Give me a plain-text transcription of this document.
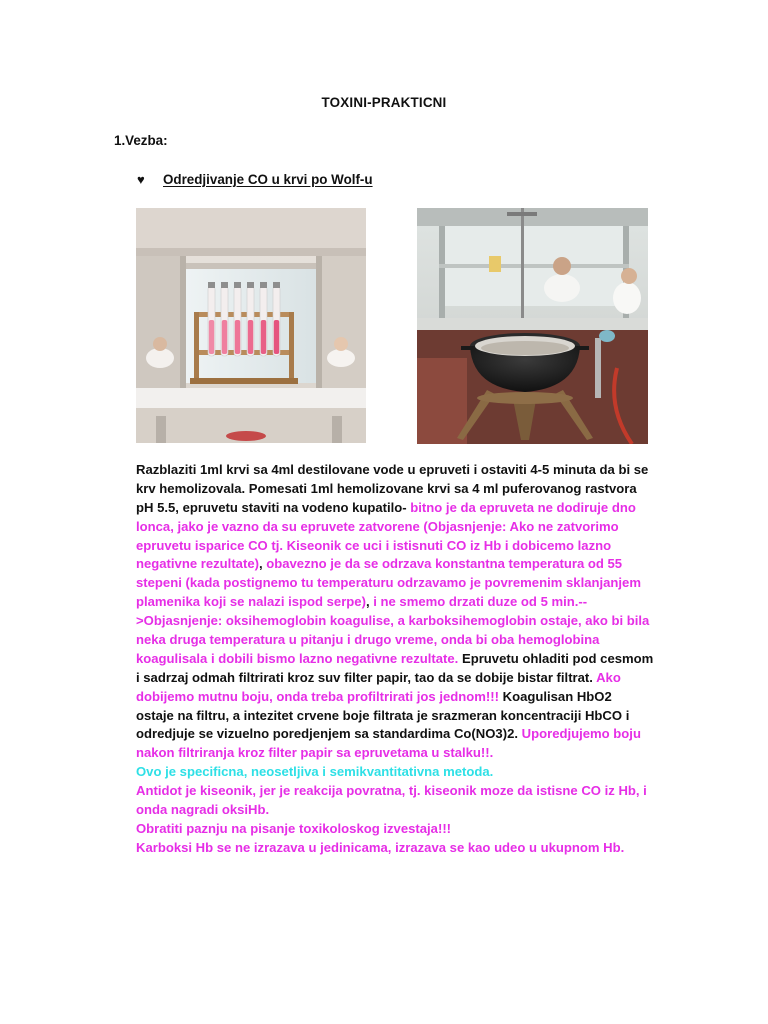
TOXINI-PRAKTICNI
1.Vezba:
♥	Odredjivanje CO u krvi po Wolf-u
Razblaziti 1ml krvi sa 4ml destilovane vode u epruveti i ostaviti 4-5 minuta da bi se
krv hemolizovala. Pomesati 1ml hemolizovane krvi sa 4 ml puferovanog rastvora
pH 5.5, epruvetu staviti na vodeno kupatilo- bitno je da epruveta ne dodiruje dno
lonca, jako je vazno da su epruvete zatvorene (Objasnjenje: Ako ne zatvorimo
epruvetu isparice CO tj. Kiseonik ce uci i istisnuti CO iz Hb i dobicemo lazno
negativne rezultate), obavezno je da se odrzava konstantna temperatura od 55
stepeni (kada postignemo tu temperaturu odrzavamo je povremenim sklanjanjem
plamenika koji se nalazi ispod serpe), i ne smemo drzati duze od 5 min.--
>Objasnjenje: oksihemoglobin koagulise, a karboksihemoglobin ostaje, ako bi bila
neka druga temperatura u pitanju i drugo vreme, onda bi oba hemoglobina
koagulisala i dobili bismo lazno negativne rezultate. Epruvetu ohladiti pod cesmom
i sadrzaj odmah filtrirati kroz suv filter papir, tao da se dobije bistar filtrat. Ako
dobijemo mutnu boju, onda treba profiltrirati jos jednom!!! Koagulisan HbO2
ostaje na filtru, a intezitet crvene boje filtrata je srazmeran koncentraciji HbCO i
odredjuje se vizuelno poredjenjem sa standardima Co(NO3)2. Uporedjujemo boju
nakon filtriranja kroz filter papir sa epruvetama u stalku!!.
Ovo je specificna, neosetljiva i semikvantitativna metoda.
Antidot je kiseonik, jer je reakcija povratna, tj. kiseonik moze da istisne CO iz Hb, i
onda nagradi oksiHb.
Obratiti paznju na pisanje toxikoloskog izvestaja!!!
Karboksi Hb se ne izrazava u jedinicama, izrazava se kao udeo u ukupnom Hb.
